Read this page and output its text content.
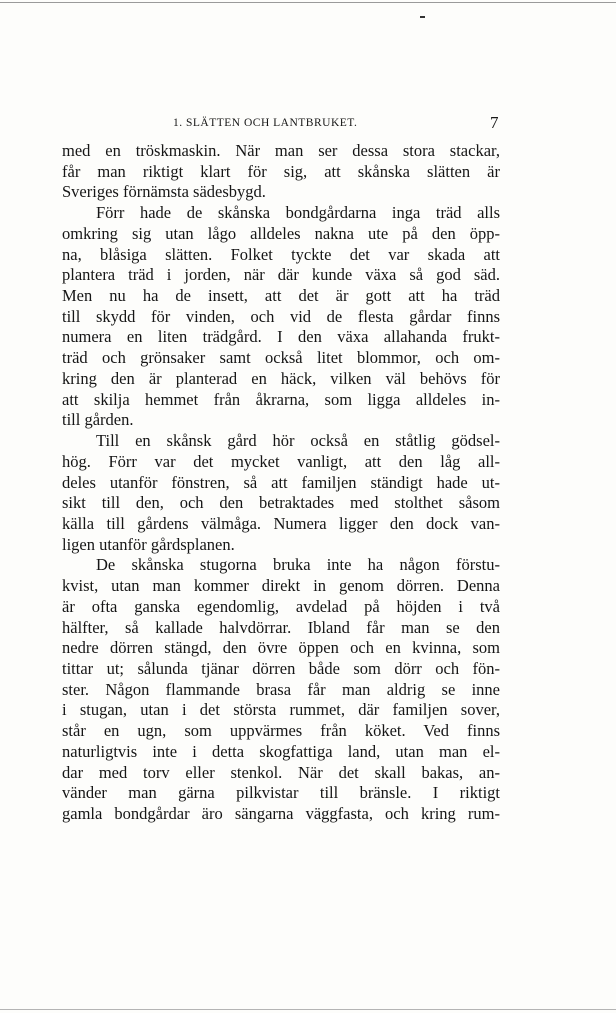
1. SLÄTTEN OCH LANTBRUKET.	7
med en tröskmaskin. När man ser dessa stora stackar,
får man riktigt klart för sig, att skånska slätten är
Sveriges förnämsta sädesbygd.
Förr hade de skånska bondgårdarna inga träd alls
omkring sig utan lågo alldeles nakna ute på den öpp-
na, blåsiga slätten. Folket tyckte det var skada att
plantera träd i jorden, när där kunde växa så god säd.
Men nu ha de insett, att det är gott att ha träd
till skydd för vinden, och vid de flesta gårdar finns
numera en liten trädgård. I den växa allahanda frukt-
träd och grönsaker samt också litet blommor, och om-
kring den är planterad en häck, vilken väl behövs för
att skilja hemmet från åkrarna, som ligga alldeles in-
till gården.
Till en skånsk gård hör också en ståtlig gödsel-
hög. Förr var det mycket vanligt, att den låg all-
deles utanför fönstren, så att familjen ständigt hade ut-
sikt till den, och den betraktades med stolthet såsom
källa till gårdens välmåga. Numera ligger den dock van-
ligen utanför gårdsplanen.
De skånska stugorna bruka inte ha någon förstu-
kvist, utan man kommer direkt in genom dörren. Denna
är ofta ganska egendomlig, avdelad på höjden i två
hälfter, så kallade halvdörrar. Ibland får man se den
nedre dörren stängd, den övre öppen och en kvinna, som
tittar ut; sålunda tjänar dörren både som dörr och fön-
ster. Någon flammande brasa får man aldrig se inne
i stugan, utan i det största rummet, där familjen sover,
står en ugn, som uppvärmes från köket. Ved finns
naturligtvis inte i detta skogfattiga land, utan man el-
dar med torv eller stenkol. När det skall bakas, an-
vänder man gärna pilkvistar till bränsle. I riktigt
gamla bondgårdar äro sängarna väggfasta, och kring rum-
